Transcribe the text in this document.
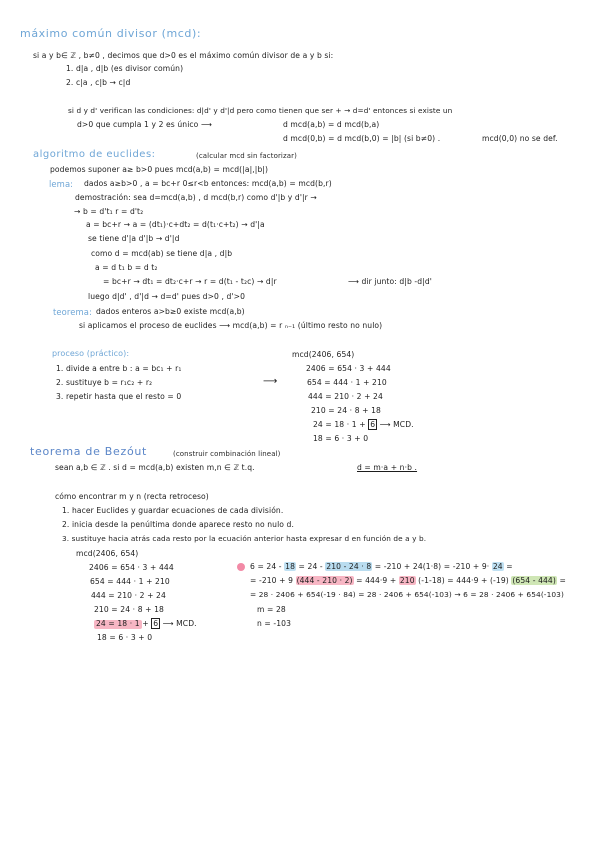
máximo común divisor (mcd):
si a y b∈ ℤ , b≠0 , decimos que d>0 es el máximo común divisor de a y b si:
1. d|a , d|b (es divisor común)
2. c|a , c|b → c|d
si d y d' verifican las condiciones: d|d' y d'|d pero como tienen que ser + → d=d' entonces si existe un
d>0 que cumpla 1 y 2 es único ⟶	d mcd(a,b) = d mcd(b,a)
d mcd(0,b) = d mcd(b,0) = |b| (si b≠0) .	mcd(0,0) no se def.
algoritmo de euclides:	(calcular mcd sin factorizar)
podemos suponer a≥ b>0 pues mcd(a,b) = mcd(|a|,|b|)
lema: dados a≥b>0 , a = bc+r 0≤r<b entonces: mcd(a,b) = mcd(b,r)
demostración: sea d=mcd(a,b) , d mcd(b,r) como d'|b y d'|r →
→ b = d't₁ r = d't₂
a = bc+r → a = (dt₁)·c+dt₂ = d(t₁·c+t₂) → d'|a
se tiene d'|a d'|b → d'|d
como d = mcd(ab) se tiene d|a , d|b
a = d t₁ b = d t₂
= bc+r → dt₁ = dt₂·c+r → r = d(t₁ - t₂c) → d|r	⟶ dir junto: d|b -d|d'
luego d|d' , d'|d → d=d' pues d>0 , d'>0
teorema: dados enteros a>b≥0 existe mcd(a,b)
si aplicamos el proceso de euclides ⟶ mcd(a,b) = r ₙ₋₁ (último resto no nulo)
proceso (práctico):
1. divide a entre b : a = bc₁ + r₁
2. sustituye b = r₁c₂ + r₂
3. repetir hasta que el resto = 0
⟶
mcd(2406, 654)
2406 = 654 · 3 + 444
654 = 444 · 1 + 210
444 = 210 · 2 + 24
210 = 24 · 8 + 18
24 = 18 · 1 + 6 ⟶ MCD.
18 = 6 · 3 + 0
teorema de Bezóut	(construir combinación lineal)
sean a,b ∈ ℤ . si d = mcd(a,b) existen m,n ∈ ℤ t.q.	d = m·a + n·b .
cómo encontrar m y n (recta retroceso)
1. hacer Euclides y guardar ecuaciones de cada división.
2. inicia desde la penúltima donde aparece resto no nulo d.
3. sustituye hacia atrás cada resto por la ecuación anterior hasta expresar d en función de a y b.
mcd(2406, 654)
2406 = 654 · 3 + 444
654 = 444 · 1 + 210
444 = 210 · 2 + 24
210 = 24 · 8 + 18
24 = 18 · 1 + 6 ⟶ MCD.
18 = 6 · 3 + 0
6 = 24 - 18 = 24 - 210 - 24 · 8 = -210 + 24(1·8) = -210 + 9· 24 =
= -210 + 9 (444 - 210 · 2) = 444·9 + 210 (-1-18) = 444·9 + (-19) (654 - 444) =
= 28 · 2406 + 654(-19 · 84) = 28 · 2406 + 654(-103) → 6 = 28 · 2406 + 654(-103)
m = 28
n = -103
